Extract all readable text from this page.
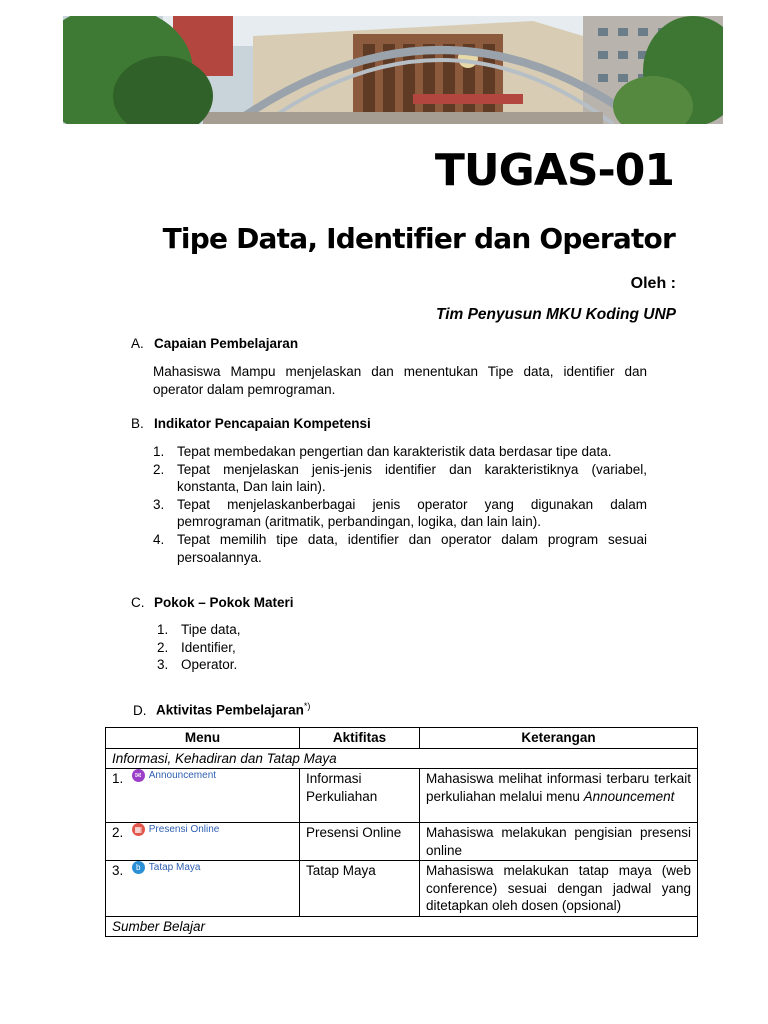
TUGAS-01
Tipe Data, Identifier dan Operator
Oleh :
Tim Penyusun MKU Koding UNP
A. Capaian Pembelajaran
Mahasiswa Mampu menjelaskan dan menentukan Tipe data, identifier dan operator dalam pemrograman.
B. Indikator Pencapaian Kompetensi
1. Tepat membedakan pengertian dan karakteristik data berdasar tipe data.
2. Tepat menjelaskan jenis-jenis identifier dan karakteristiknya (variabel, konstanta, Dan lain lain).
3. Tepat menjelaskanberbagai jenis operator yang digunakan dalam pemrograman (aritmatik, perbandingan, logika, dan lain lain).
4. Tepat memilih tipe data, identifier dan operator dalam program sesuai persoalannya.
C. Pokok – Pokok Materi
1. Tipe data,
2. Identifier,
3. Operator.
D. Aktivitas Pembelajaran*)
Menu	Aktifitas	Keterangan
Informasi, Kehadiran dan Tatap Maya		
1. ✉ Announcement	Informasi Perkuliahan	Mahasiswa melihat informasi terbaru terkait perkuliahan melalui menu Announcement
2. ▦ Presensi Online	Presensi Online	Mahasiswa melakukan pengisian presensi online
3. b Tatap Maya	Tatap Maya	Mahasiswa melakukan tatap maya (web conference) sesuai dengan jadwal yang ditetapkan oleh dosen (opsional)
Sumber Belajar		
